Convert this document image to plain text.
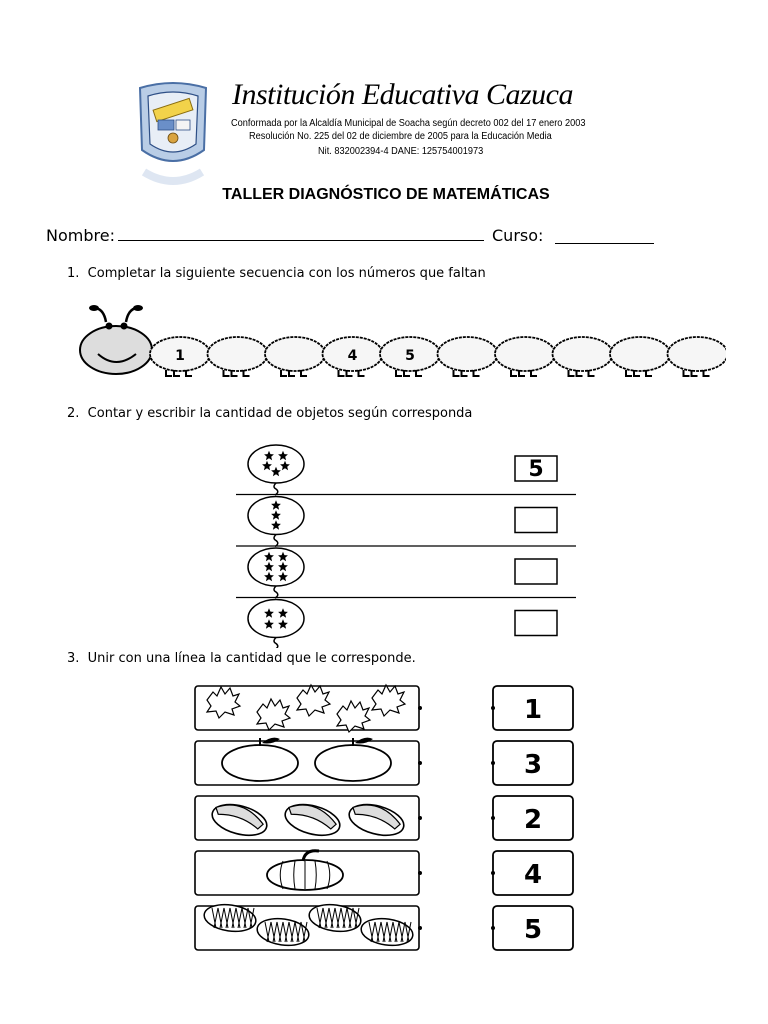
Institución Educativa Cazuca
Conformada por la Alcaldía Municipal de Soacha según decreto 002 del 17 enero 2003
Resolución No. 225 del 02 de diciembre de 2005 para la Educación Media
Nit. 832002394-4 DANE: 125754001973
TALLER DIAGNÓSTICO DE MATEMÁTICAS
Nombre:	Curso:
1. Completar la siguiente secuencia con los números que faltan
1	4	5
2. Contar y escribir la cantidad de objetos según corresponda
5
3. Unir con una línea la cantidad que le corresponde.
1
3
2
4
5
